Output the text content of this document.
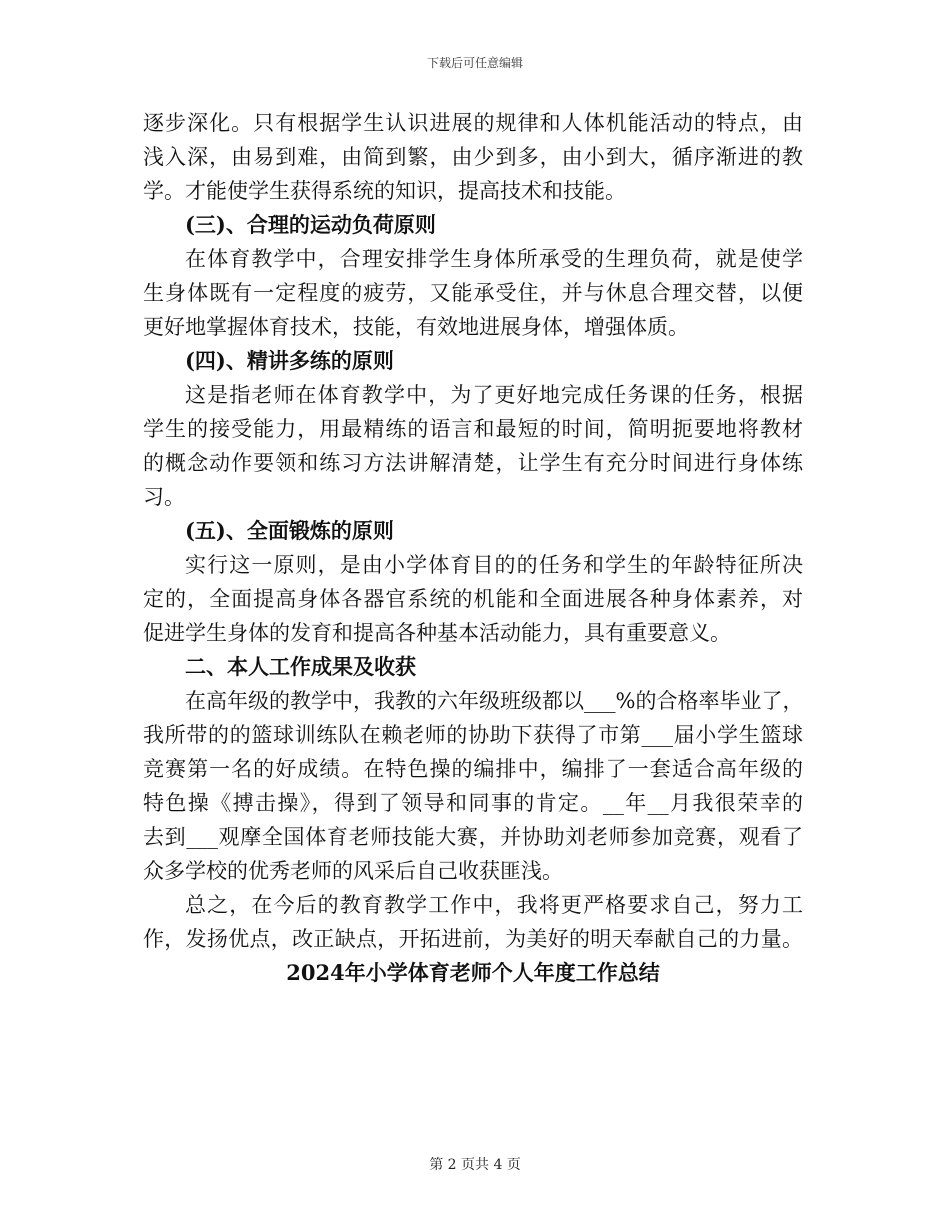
下载后可任意编辑
逐步深化。只有根据学生认识进展的规律和人体机能活动的特点，由
浅入深，由易到难，由简到繁，由少到多，由小到大，循序渐进的教
学。才能使学生获得系统的知识，提高技术和技能。
(三)、合理的运动负荷原则
在体育教学中，合理安排学生身体所承受的生理负荷，就是使学
生身体既有一定程度的疲劳，又能承受住，并与休息合理交替，以便
更好地掌握体育技术，技能，有效地进展身体，增强体质。
(四)、精讲多练的原则
这是指老师在体育教学中，为了更好地完成任务课的任务，根据
学生的接受能力，用最精练的语言和最短的时间，简明扼要地将教材
的概念动作要领和练习方法讲解清楚，让学生有充分时间进行身体练
习。
(五)、全面锻炼的原则
实行这一原则，是由小学体育目的的任务和学生的年龄特征所决
定的，全面提高身体各器官系统的机能和全面进展各种身体素养，对
促进学生身体的发育和提高各种基本活动能力，具有重要意义。
二、本人工作成果及收获
在高年级的教学中，我教的六年级班级都以___%的合格率毕业了，
我所带的的篮球训练队在赖老师的协助下获得了市第___届小学生篮球
竞赛第一名的好成绩。在特色操的编排中，编排了一套适合高年级的
特色操《搏击操》，得到了领导和同事的肯定。__年__月我很荣幸的
去到___观摩全国体育老师技能大赛，并协助刘老师参加竞赛，观看了
众多学校的优秀老师的风采后自己收获匪浅。
总之，在今后的教育教学工作中，我将更严格要求自己，努力工
作，发扬优点，改正缺点，开拓进前，为美好的明天奉献自己的力量。
2024年小学体育老师个人年度工作总结
第 2 页共 4 页
